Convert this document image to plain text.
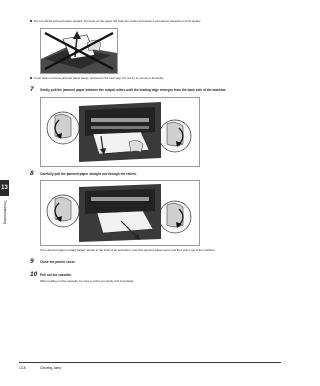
Do not pull the jammed paper upward; the toner on the paper will stain the printer and cause a permanent reduction in print quality.
If you cannot remove jammed paper easily, proceed to the next step. Do not try to remove it forcefully.
7 Gently pull the jammed paper between the output rollers until the leading edge emerges from the back side of the machine.
8 Carefully pull the jammed paper straight out through the rollers.
If the jammed paper is badly folded, similar to the folds of an accordion, reset the jammed paper loose and then pull it out of the machine.
9 Close the printer cover.
10 Pull out the cassette.
When pulling out the cassette, be sure to pull it out slowly and completely.
13
Troubleshooting
13-8	Clearing Jams
